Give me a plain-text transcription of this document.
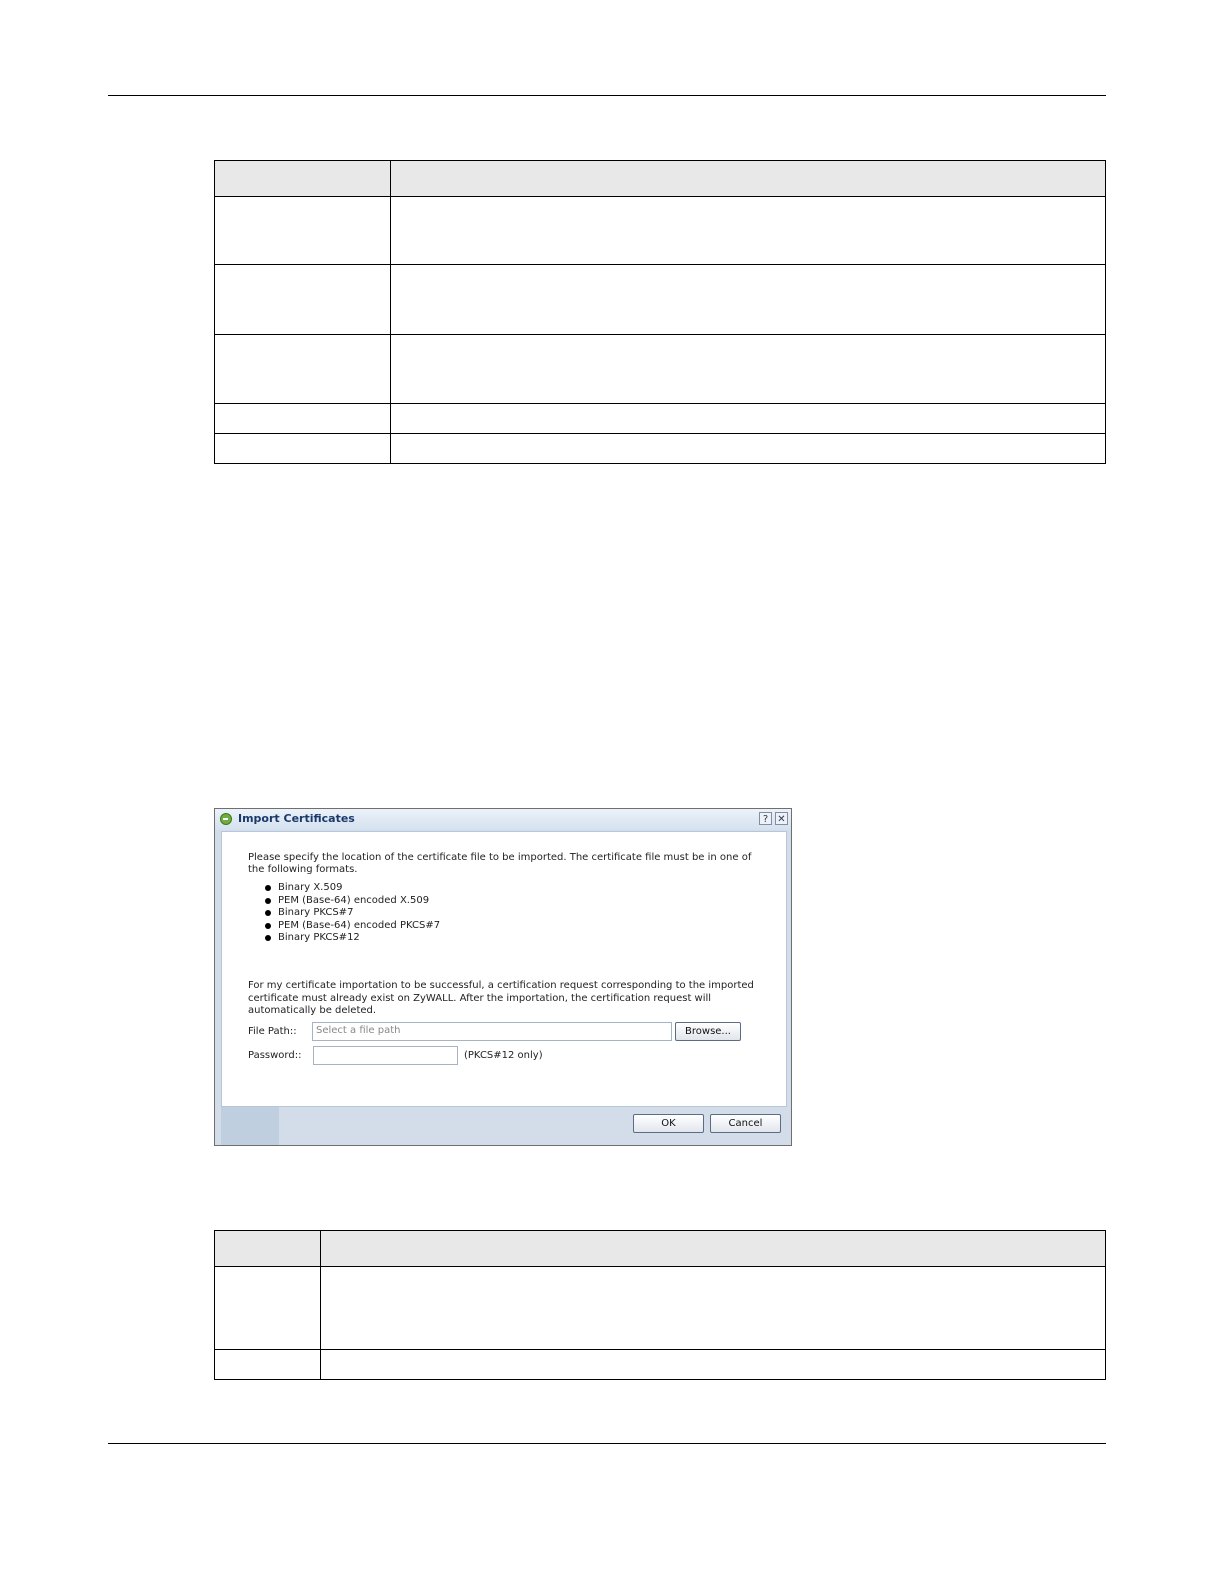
Import Certificates	? ✕
Please specify the location of the certificate file to be imported. The certificate file must be in one of
the following formats.
Binary X.509
PEM (Base-64) encoded X.509
Binary PKCS#7
PEM (Base-64) encoded PKCS#7
Binary PKCS#12
For my certificate importation to be successful, a certification request corresponding to the imported
certificate must already exist on ZyWALL. After the importation, the certification request will
automatically be deleted.
File Path::	Select a file path	Browse...
Password::	(PKCS#12 only)
OK	Cancel
